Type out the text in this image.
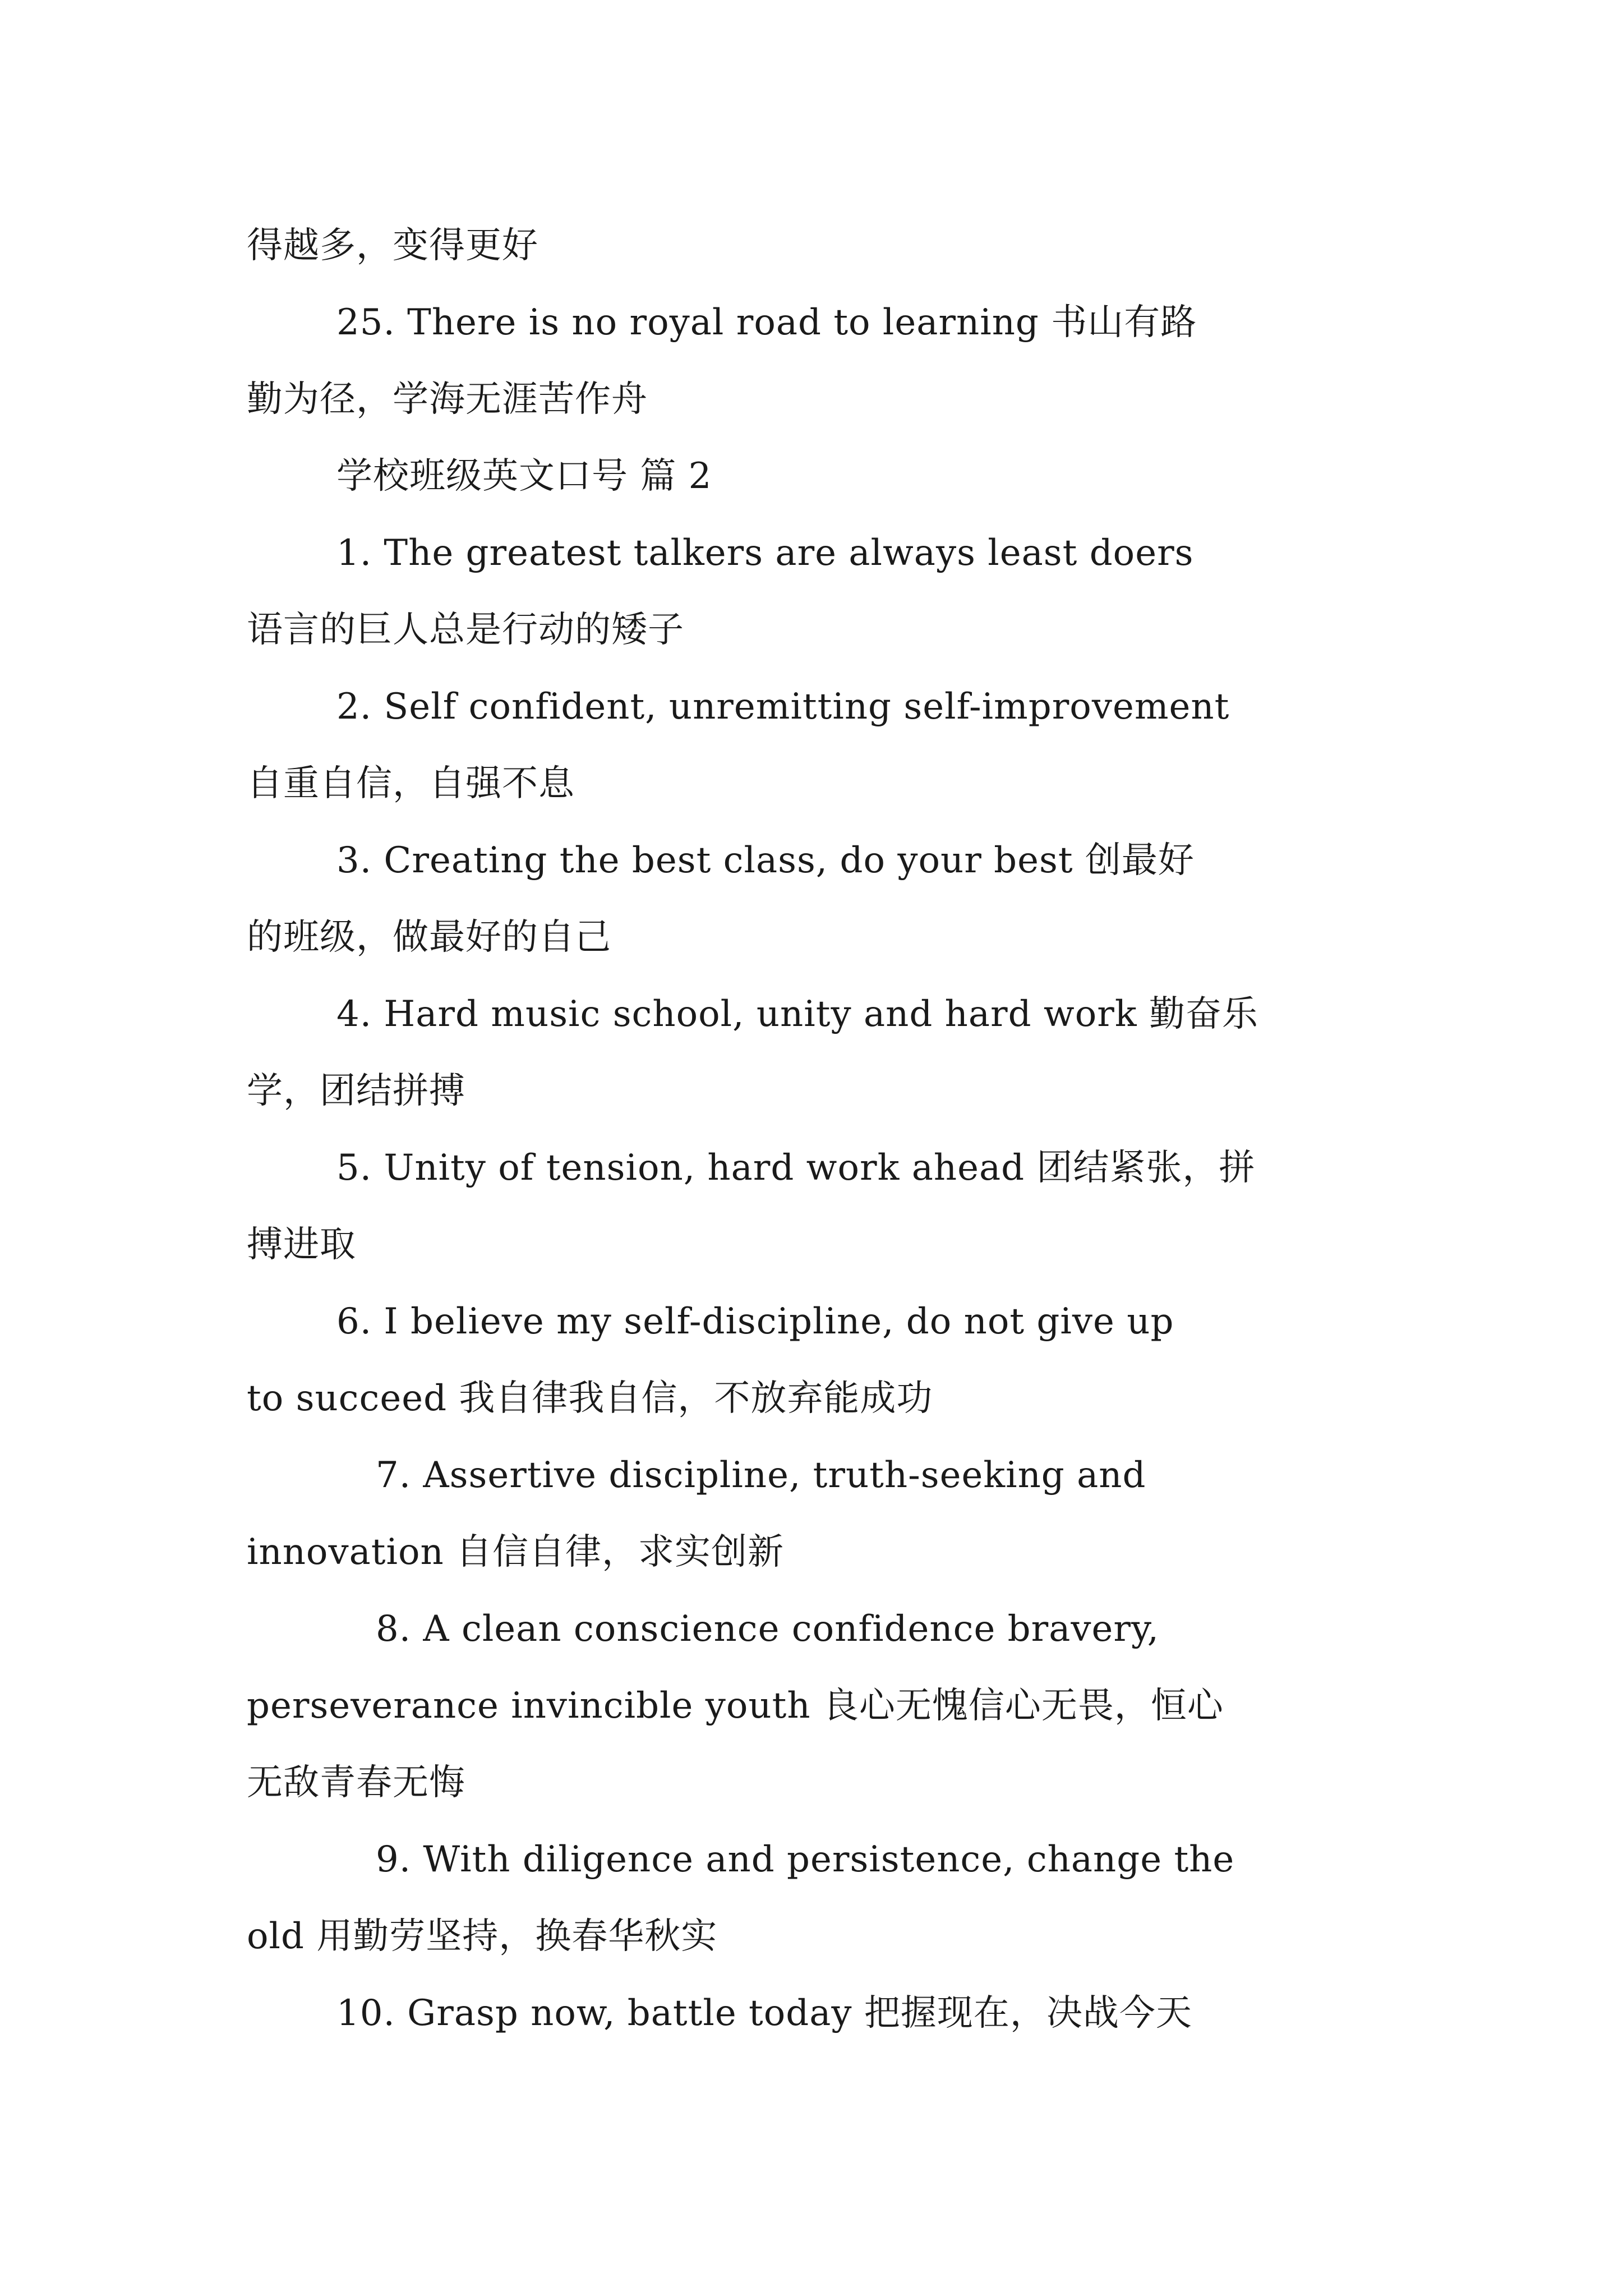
得越多，变得更好
25. There is no royal road to learning 书山有路
勤为径，学海无涯苦作舟
学校班级英文口号 篇 2
1. The greatest talkers are always least doers
语言的巨人总是行动的矮子
2. Self confident, unremitting self-improvement
自重自信，自强不息
3. Creating the best class, do your best 创最好
的班级，做最好的自己
4. Hard music school, unity and hard work 勤奋乐
学，团结拼搏
5. Unity of tension, hard work ahead 团结紧张，拼
搏进取
6. I believe my self-discipline, do not give up
to succeed 我自律我自信，不放弃能成功
7. Assertive discipline, truth-seeking and
innovation 自信自律，求实创新
8. A clean conscience confidence bravery,
perseverance invincible youth 良心无愧信心无畏，恒心
无敌青春无悔
9. With diligence and persistence, change the
old 用勤劳坚持，换春华秋实
10. Grasp now, battle today 把握现在，决战今天
